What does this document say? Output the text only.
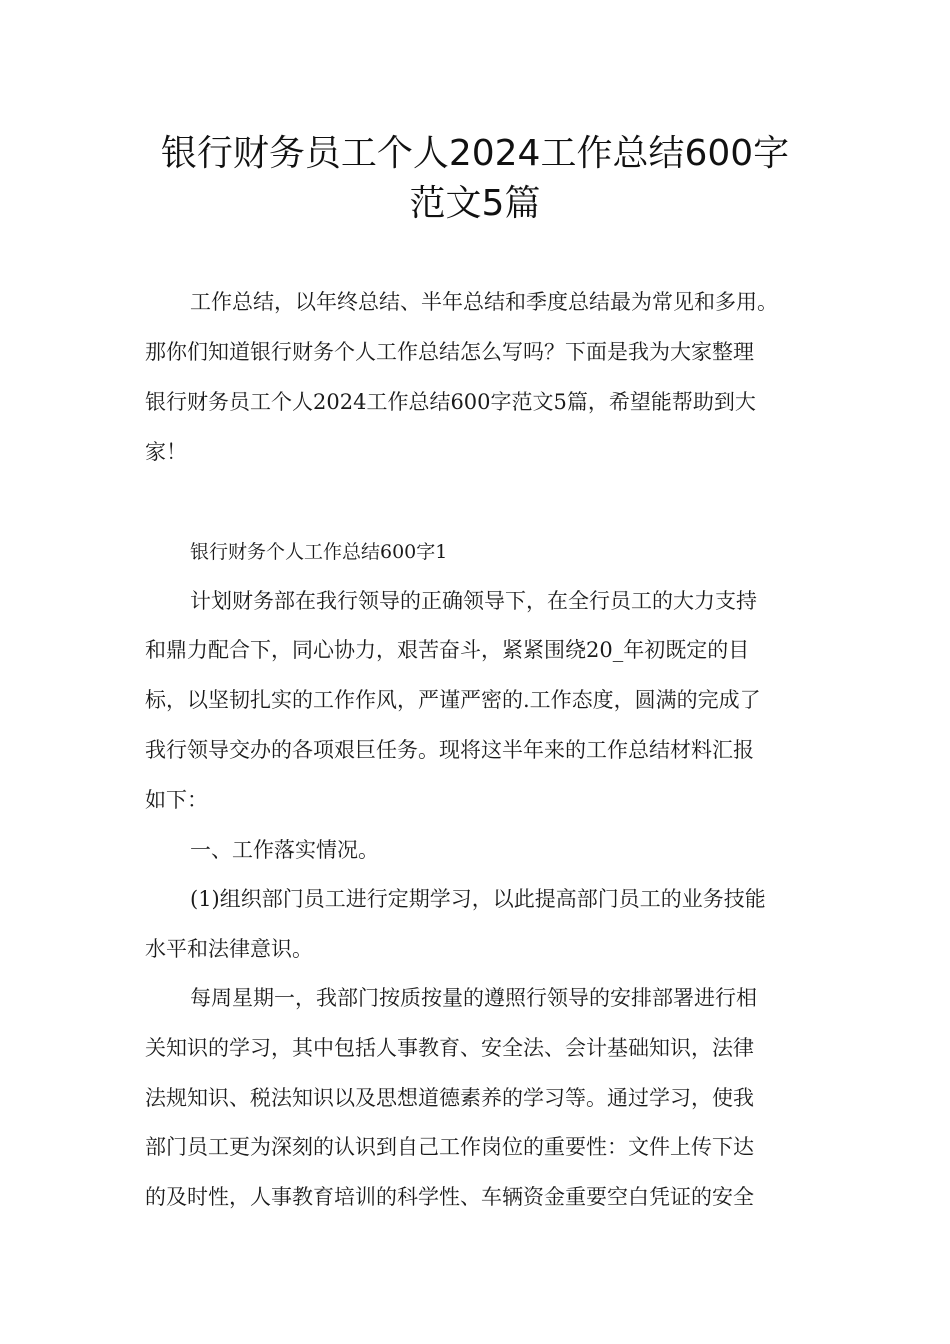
银行财务员工个人2024工作总结600字
范文5篇
工作总结，以年终总结、半年总结和季度总结最为常见和多用。
那你们知道银行财务个人工作总结怎么写吗？下面是我为大家整理
银行财务员工个人2024工作总结600字范文5篇，希望能帮助到大
家！
银行财务个人工作总结600字1
计划财务部在我行领导的正确领导下，在全行员工的大力支持
和鼎力配合下，同心协力，艰苦奋斗，紧紧围绕20_年初既定的目
标，以坚韧扎实的工作作风，严谨严密的.工作态度，圆满的完成了
我行领导交办的各项艰巨任务。现将这半年来的工作总结材料汇报
如下：
一、工作落实情况。
(1)组织部门员工进行定期学习，以此提高部门员工的业务技能
水平和法律意识。
每周星期一，我部门按质按量的遵照行领导的安排部署进行相
关知识的学习，其中包括人事教育、安全法、会计基础知识，法律
法规知识、税法知识以及思想道德素养的学习等。通过学习，使我
部门员工更为深刻的认识到自己工作岗位的重要性：文件上传下达
的及时性，人事教育培训的科学性、车辆资金重要空白凭证的安全
